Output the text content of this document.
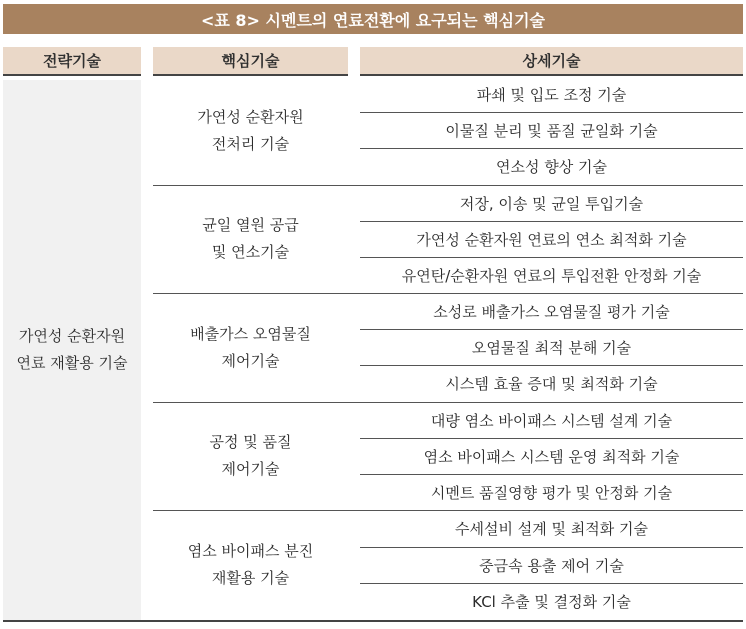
<표 8> 시멘트의 연료전환에 요구되는 핵심기술
전략기술	핵심기술	상세기술
가연성 순환자원
연료 재활용 기술
가연성 순환자원
전처리 기술
균일 열원 공급
및 연소기술
배출가스 오염물질
제어기술
공정 및 품질
제어기술
염소 바이패스 분진
재활용 기술
파쇄 및 입도 조정 기술
이물질 분리 및 품질 균일화 기술
연소성 향상 기술
저장, 이송 및 균일 투입기술
가연성 순환자원 연료의 연소 최적화 기술
유연탄/순환자원 연료의 투입전환 안정화 기술
소성로 배출가스 오염물질 평가 기술
오염물질 최적 분해 기술
시스템 효율 증대 및 최적화 기술
대량 염소 바이패스 시스템 설계 기술
염소 바이패스 시스템 운영 최적화 기술
시멘트 품질영향 평가 및 안정화 기술
수세설비 설계 및 최적화 기술
중금속 용출 제어 기술
KCl 추출 및 결정화 기술
